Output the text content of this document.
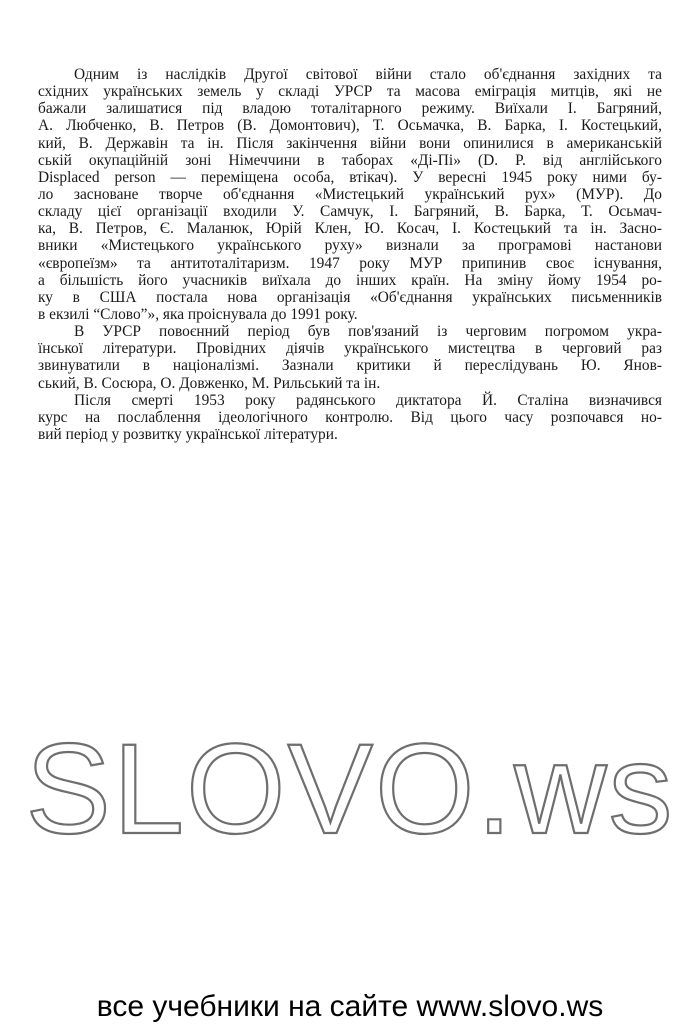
Одним із наслідків Другої світової війни стало об'єднання західних та
східних українських земель у складі УРСР та масова еміграція митців, які не
бажали залишатися під владою тоталітарного режиму. Виїхали І. Багряний,
А. Любченко, В. Петров (В. Домонтович), Т. Осьмачка, В. Барка, І. Костецький,
кий, В. Державін та ін. Після закінчення війни вони опинилися в американській
ській окупаційній зоні Німеччини в таборах «Ді-Пі» (D. P. від англійського
Displaced person — переміщена особа, втікач). У вересні 1945 року ними бу-
ло засноване творче об'єднання «Мистецький український рух» (МУР). До
складу цієї організації входили У. Самчук, І. Багряний, В. Барка, Т. Осьмач-
ка, В. Петров, Є. Маланюк, Юрій Клен, Ю. Косач, І. Костецький та ін. Засно-
вники «Мистецького українського руху» визнали за програмові настанови
«європеїзм» та антитоталітаризм. 1947 року МУР припинив своє існування,
а більшість його учасників виїхала до інших країн. На зміну йому 1954 ро-
ку в США постала нова організація «Об'єднання українських письменників
в екзилі “Слово”», яка проіснувала до 1991 року.
В УРСР повоєнний період був пов'язаний із черговим погромом укра-
їнської літератури. Провідних діячів українського мистецтва в черговий раз
звинуватили в націоналізмі. Зазнали критики й переслідувань Ю. Янов-
ський, В. Сосюра, О. Довженко, М. Рильський та ін.
Після смерті 1953 року радянського диктатора Й. Сталіна визначився
курс на послаблення ідеологічного контролю. Від цього часу розпочався но-
вий період у розвитку української літератури.
SLOVO.ws
все учебники на сайте www.slovo.ws
